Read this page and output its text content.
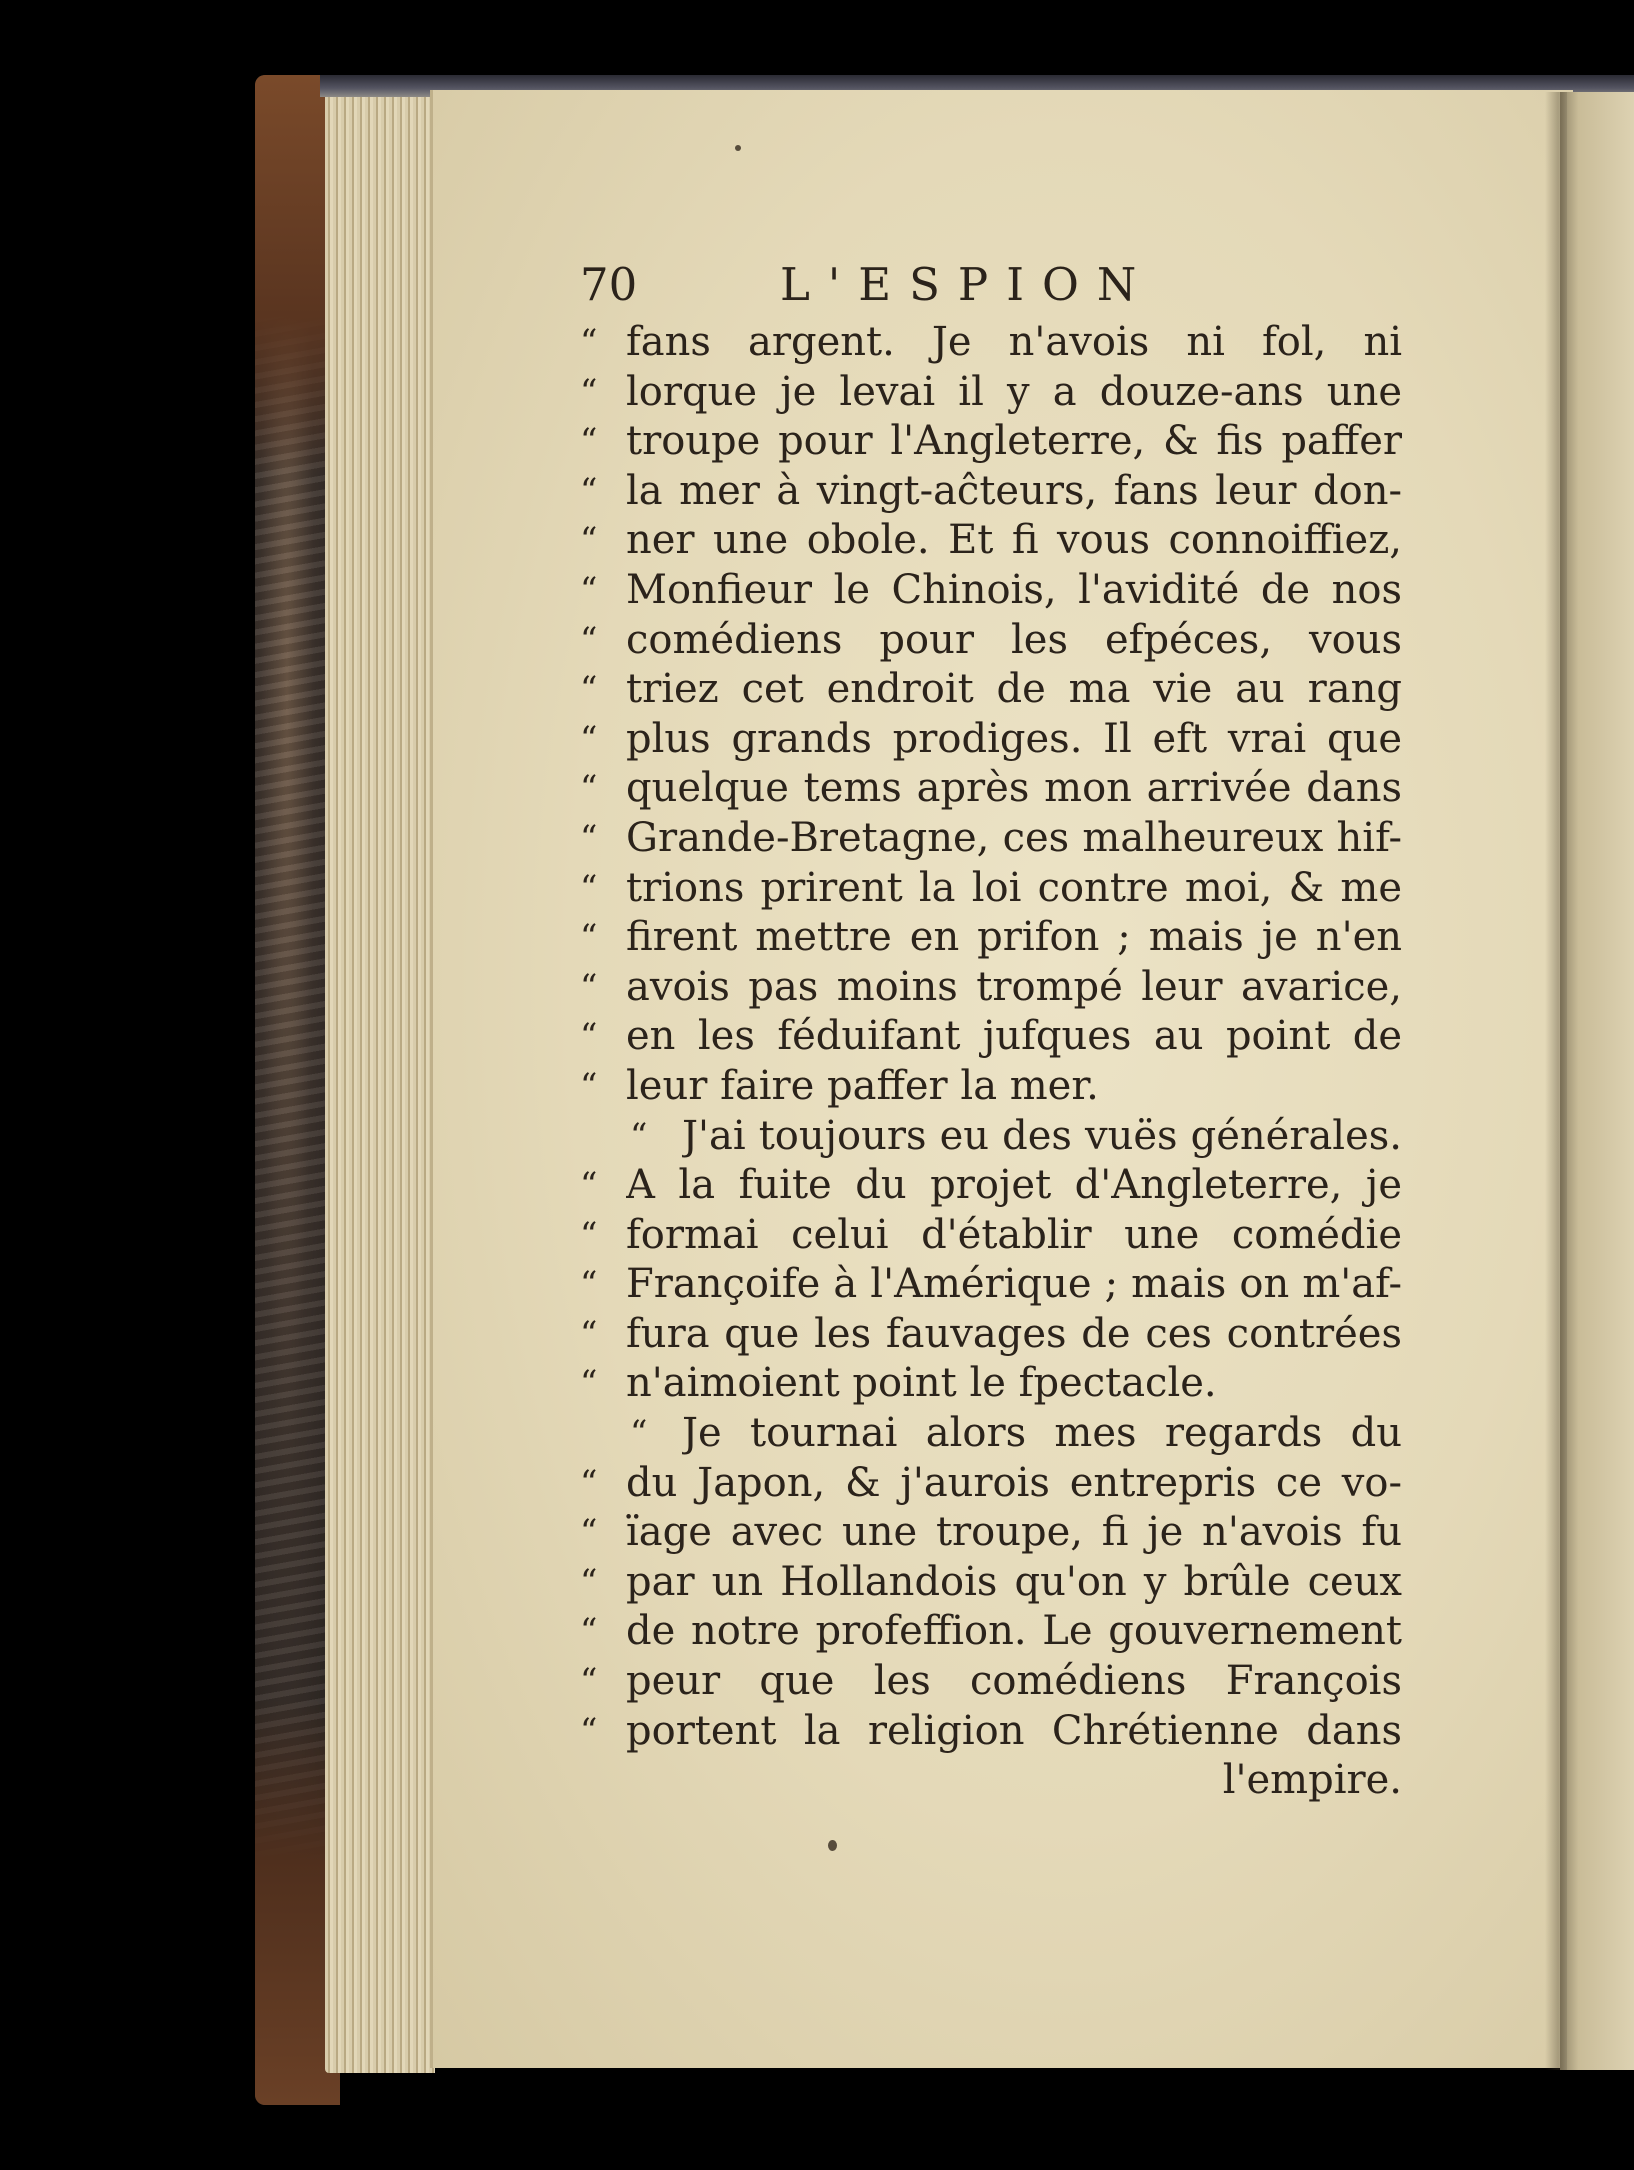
70	L'ESPION
“ fans argent. Je n'avois ni fol, ni
“ lorque je levai il y a douze-ans une
“ troupe pour l'Angleterre, & fis paffer
“ la mer à vingt-aĉteurs, fans leur don-
“ ner une obole. Et fi vous connoiffiez,
“ Monfieur le Chinois, l'avidité de nos
“ comédiens pour les efpéces, vous
“ triez cet endroit de ma vie au rang
“ plus grands prodiges. Il eft vrai que
“ quelque tems après mon arrivée dans
“ Grande-Bretagne, ces malheureux hif-
“ trions prirent la loi contre moi, & me
“ firent mettre en prifon ; mais je n'en
“ avois pas moins trompé leur avarice,
“ en les féduifant jufques au point de
“ leur faire paffer la mer.
“ J'ai toujours eu des vuës générales.
“ A la fuite du projet d'Angleterre, je
“ formai celui d'établir une comédie
“ Françoife à l'Amérique ; mais on m'af-
“ fura que les fauvages de ces contrées
“ n'aimoient point le fpectacle.
“ Je tournai alors mes regards du
“ du Japon, & j'aurois entrepris ce vo-
“ ïage avec une troupe, fi je n'avois fu
“ par un Hollandois qu'on y brûle ceux
“ de notre profeffion. Le gouvernement
“ peur que les comédiens François
“ portent la religion Chrétienne dans
l'empire.
